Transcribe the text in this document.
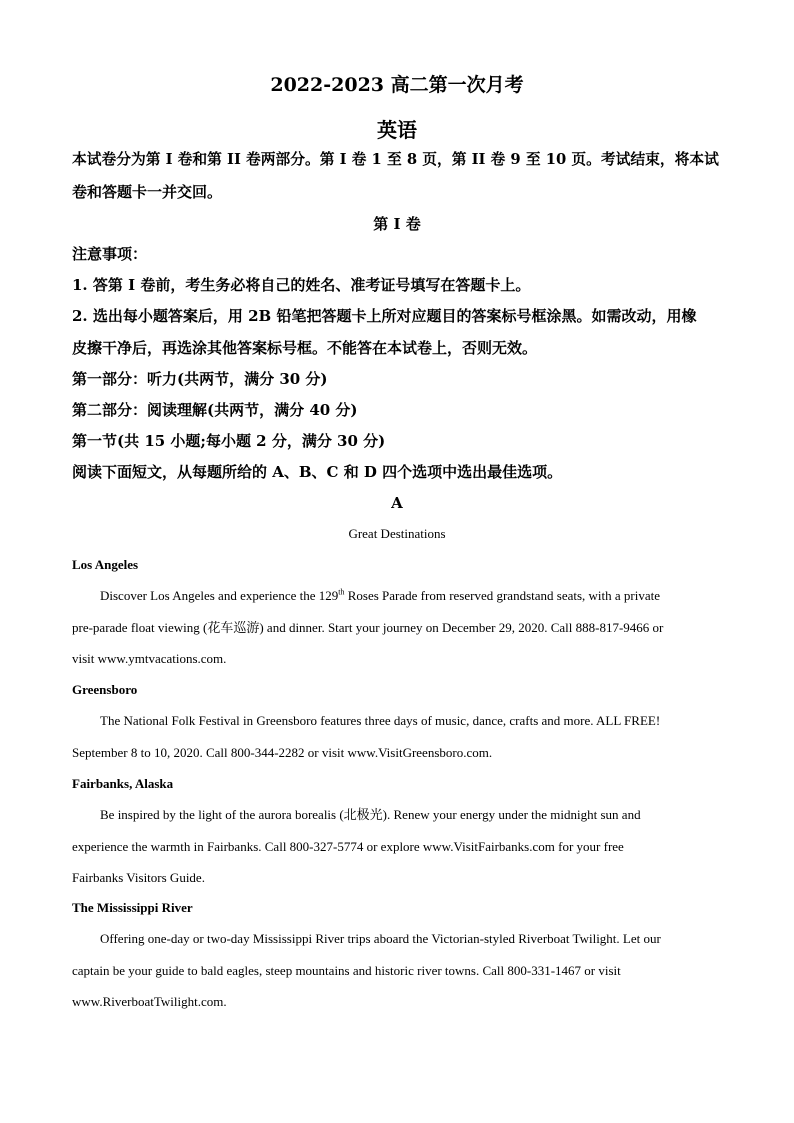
2022-2023 高二第一次月考
英语
本试卷分为第 I 卷和第 II 卷两部分。第 I 卷 1 至 8 页，第 II 卷 9 至 10 页。考试结束，将本试
卷和答题卡一并交回。
第 I 卷
注意事项：
1. 答第 I 卷前，考生务必将自己的姓名、准考证号填写在答题卡上。
2. 选出每小题答案后，用 2B 铅笔把答题卡上所对应题目的答案标号框涂黑。如需改动，用橡
皮擦干净后，再选涂其他答案标号框。不能答在本试卷上，否则无效。
第一部分：听力(共两节，满分 30 分)
第二部分：阅读理解(共两节，满分 40 分)
第一节(共 15 小题;每小题 2 分，满分 30 分)
阅读下面短文，从每题所给的 A、B、C 和 D 四个选项中选出最佳选项。
A
Great Destinations
Los Angeles
Discover Los Angeles and experience the 129th Roses Parade from reserved grandstand seats, with a private
pre-parade float viewing (花车巡游) and dinner. Start your journey on December 29, 2020. Call 888-817-9466 or
visit www.ymtvacations.com.
Greensboro
The National Folk Festival in Greensboro features three days of music, dance, crafts and more. ALL FREE!
September 8 to 10, 2020. Call 800-344-2282 or visit www.VisitGreensboro.com.
Fairbanks, Alaska
Be inspired by the light of the aurora borealis (北极光). Renew your energy under the midnight sun and
experience the warmth in Fairbanks. Call 800-327-5774 or explore www.VisitFairbanks.com for your free
Fairbanks Visitors Guide.
The Mississippi River
Offering one-day or two-day Mississippi River trips aboard the Victorian-styled Riverboat Twilight. Let our
captain be your guide to bald eagles, steep mountains and historic river towns. Call 800-331-1467 or visit
www.RiverboatTwilight.com.
